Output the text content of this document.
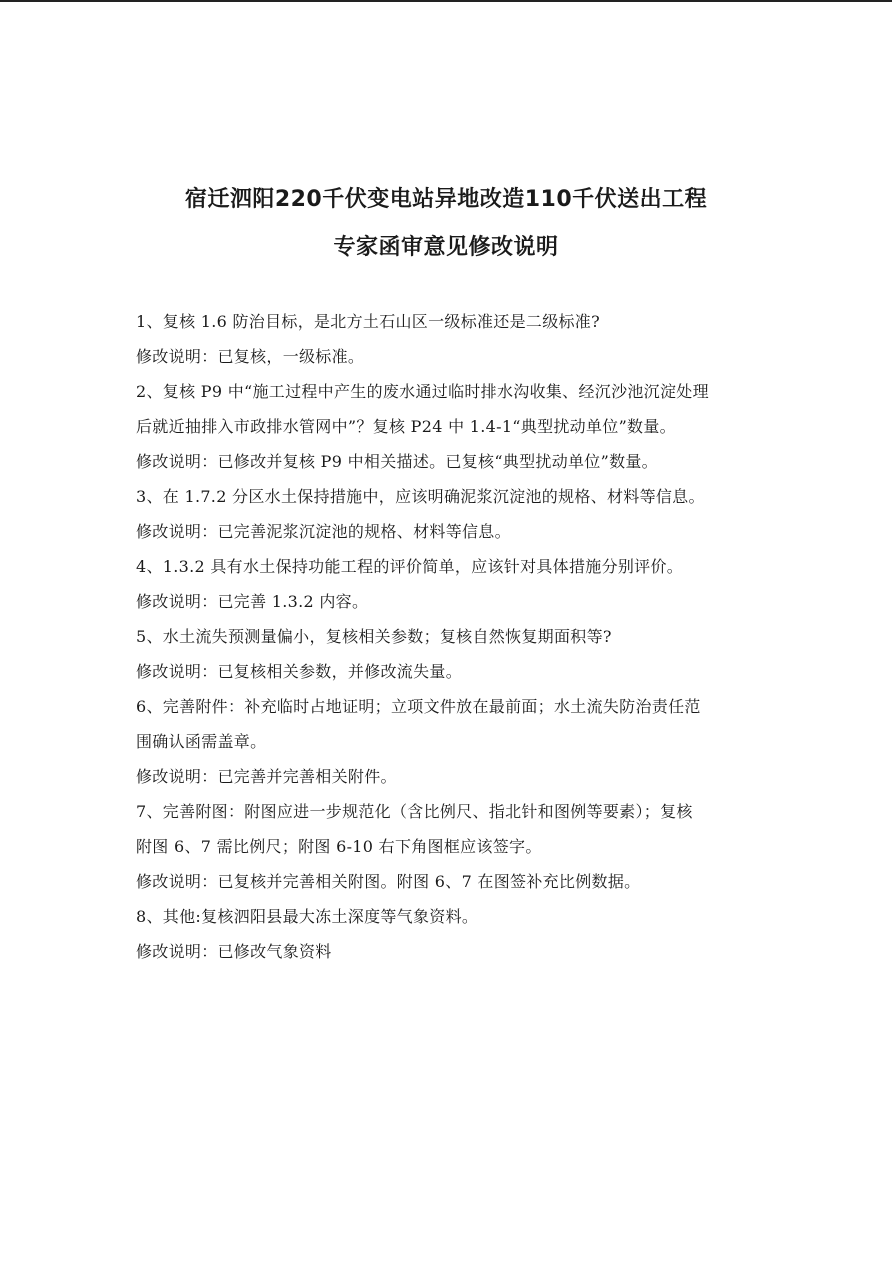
宿迁泗阳220千伏变电站异地改造110千伏送出工程
专家函审意见修改说明
1、复核 1.6 防治目标，是北方土石山区一级标准还是二级标准?
修改说明：已复核，一级标准。
2、复核 P9 中“施工过程中产生的废水通过临时排水沟收集、经沉沙池沉淀处理
后就近抽排入市政排水管网中”？复核 P24 中 1.4-1“典型扰动单位”数量。
修改说明：已修改并复核 P9 中相关描述。已复核“典型扰动单位”数量。
3、在 1.7.2 分区水土保持措施中，应该明确泥浆沉淀池的规格、材料等信息。
修改说明：已完善泥浆沉淀池的规格、材料等信息。
4、1.3.2 具有水土保持功能工程的评价简单，应该针对具体措施分别评价。
修改说明：已完善 1.3.2 内容。
5、水土流失预测量偏小，复核相关参数；复核自然恢复期面积等?
修改说明：已复核相关参数，并修改流失量。
6、完善附件：补充临时占地证明；立项文件放在最前面；水土流失防治责任范
围确认函需盖章。
修改说明：已完善并完善相关附件。
7、完善附图：附图应进一步规范化（含比例尺、指北针和图例等要素）；复核
附图 6、7 需比例尺；附图 6-10 右下角图框应该签字。
修改说明：已复核并完善相关附图。附图 6、7 在图签补充比例数据。
8、其他:复核泗阳县最大冻土深度等气象资料。
修改说明：已修改气象资料
